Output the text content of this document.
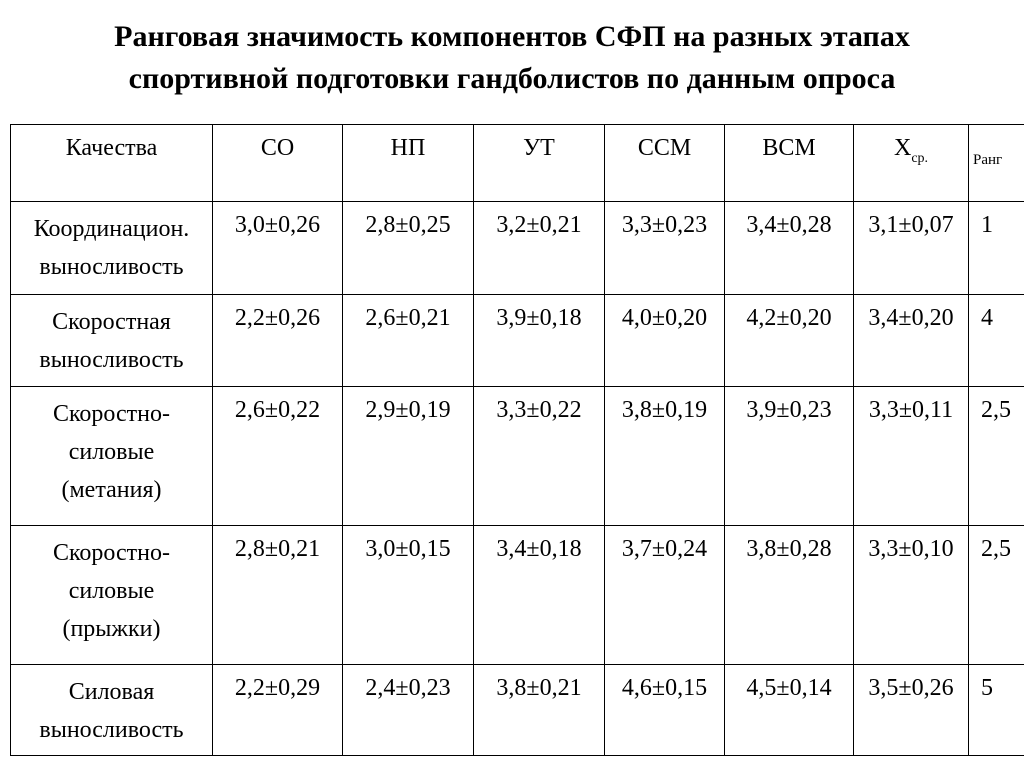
Ранговая значимость компонентов СФП на разных этапах
спортивной подготовки гандболистов по данным опроса
Качества	СО	НП	УТ	ССМ	ВСМ	$X_{ср.}$	Ранг

Координацион.
выносливость	3,0±0,26	2,8±0,25	3,2±0,21	3,3±0,23	3,4±0,28	3,1±0,07	1

Скоростная
выносливость	2,2±0,26	2,6±0,21	3,9±0,18	4,0±0,20	4,2±0,20	3,4±0,20	4

Скоростно-
силовые
(метания)	2,6±0,22	2,9±0,19	3,3±0,22	3,8±0,19	3,9±0,23	3,3±0,11	2,5

Скоростно-
силовые
(прыжки)	2,8±0,21	3,0±0,15	3,4±0,18	3,7±0,24	3,8±0,28	3,3±0,10	2,5

Силовая
выносливость	2,2±0,29	2,4±0,23	3,8±0,21	4,6±0,15	4,5±0,14	3,5±0,26	5
